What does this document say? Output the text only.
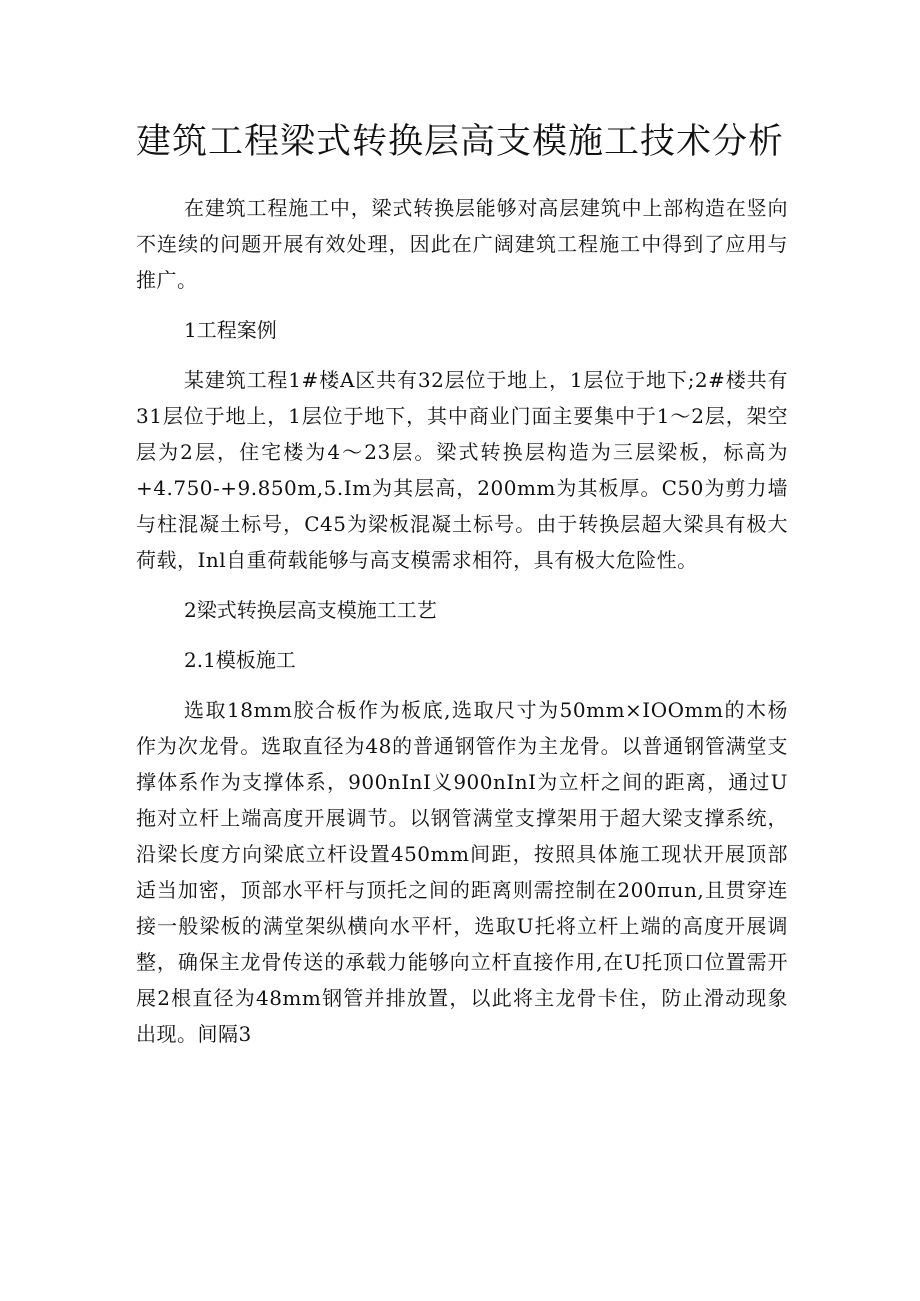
建筑工程梁式转换层高支模施工技术分析

在建筑工程施工中，梁式转换层能够对高层建筑中上部构造在竖向不连续的问题开展有效处理，因此在广阔建筑工程施工中得到了应用与推广。

1工程案例

某建筑工程1#楼A区共有32层位于地上，1层位于地下;2#楼共有31层位于地上，1层位于地下，其中商业门面主要集中于1～2层，架空层为2层，住宅楼为4～23层。梁式转换层构造为三层梁板，标高为+4.750-+9.850m,5.Im为其层高，200mm为其板厚。C50为剪力墙与柱混凝土标号，C45为梁板混凝土标号。由于转换层超大梁具有极大荷载，Inl自重荷载能够与高支模需求相符，具有极大危险性。

2梁式转换层高支模施工工艺

2.1模板施工

选取18mm胶合板作为板底,选取尺寸为50mm×IOOmm的木杨作为次龙骨。选取直径为48的普通钢管作为主龙骨。以普通钢管满堂支撑体系作为支撑体系，900nInI义900nInI为立杆之间的距离，通过U拖对立杆上端高度开展调节。以钢管满堂支撑架用于超大梁支撑系统，沿梁长度方向梁底立杆设置450mm间距，按照具体施工现状开展顶部适当加密，顶部水平杆与顶托之间的距离则需控制在200πun,且贯穿连接一般梁板的满堂架纵横向水平杆，选取U托将立杆上端的高度开展调整，确保主龙骨传送的承载力能够向立杆直接作用,在U托顶口位置需开展2根直径为48mm钢管并排放置，以此将主龙骨卡住，防止滑动现象出现。间隔3
